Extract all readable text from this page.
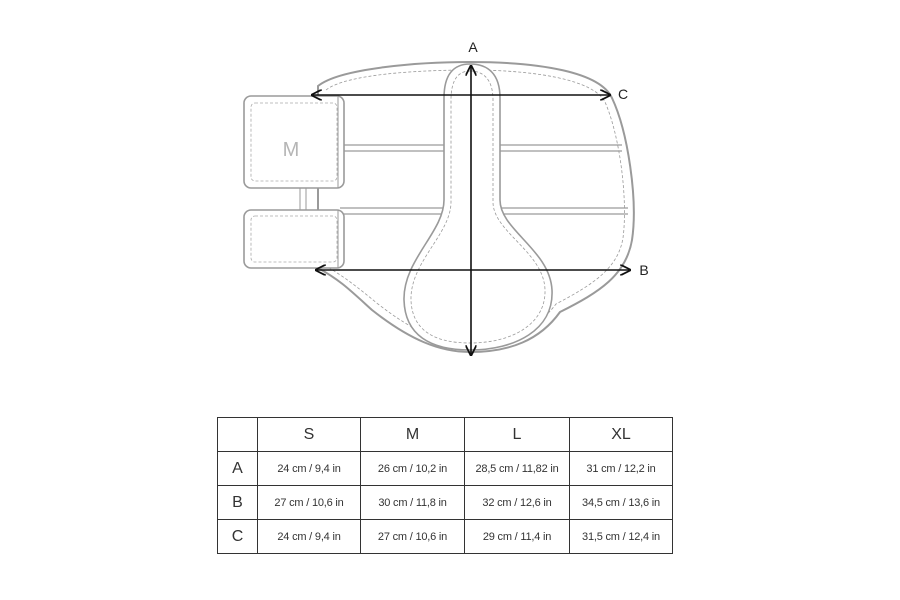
M
A
C
B
	S	M	L	XL
A	24 cm / 9,4 in	26 cm / 10,2 in	28,5 cm / 11,82 in	31 cm / 12,2 in
B	27 cm / 10,6 in	30 cm / 11,8 in	32 cm / 12,6 in	34,5 cm / 13,6 in
C	24 cm / 9,4 in	27 cm / 10,6 in	29 cm / 11,4 in	31,5 cm / 12,4 in
